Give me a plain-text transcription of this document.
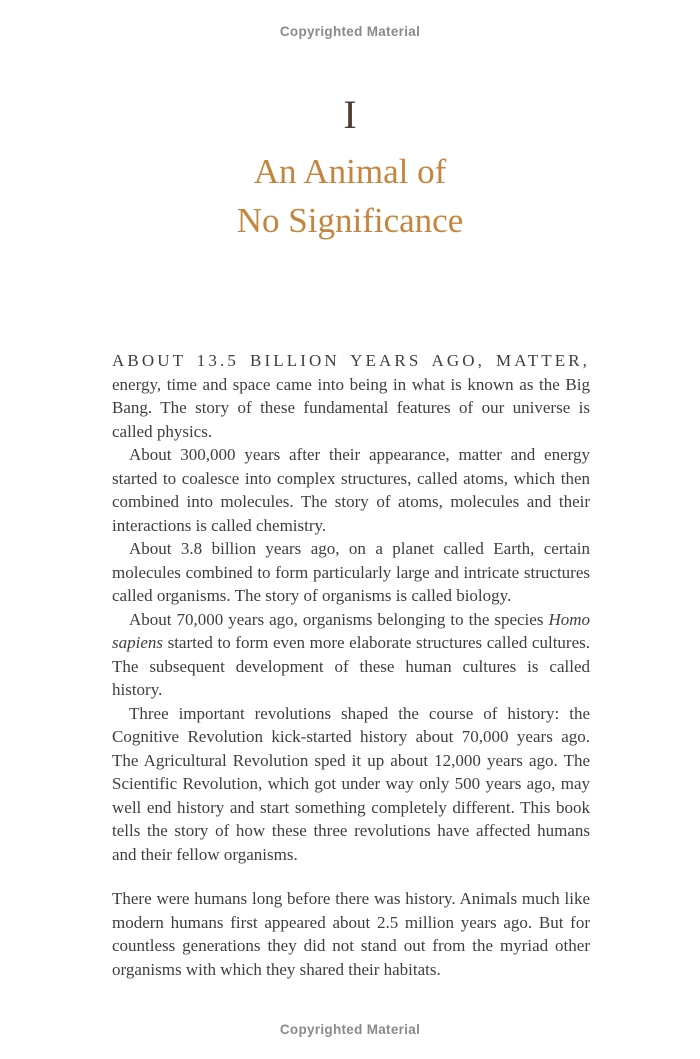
Copyrighted Material
I
An Animal of
No Significance

ABOUT 13.5 BILLION YEARS AGO, MATTER, energy, time and space came into being in what is known as the Big Bang. The story of these fundamental features of our universe is called physics.

About 300,000 years after their appearance, matter and energy started to coalesce into complex structures, called atoms, which then combined into molecules. The story of atoms, molecules and their interactions is called chemistry.

About 3.8 billion years ago, on a planet called Earth, certain molecules combined to form particularly large and intricate structures called organisms. The story of organisms is called biology.

About 70,000 years ago, organisms belonging to the species Homo sapiens started to form even more elaborate structures called cultures. The subsequent development of these human cultures is called history.

Three important revolutions shaped the course of history: the Cognitive Revolution kick-started history about 70,000 years ago. The Agricultural Revolution sped it up about 12,000 years ago. The Scientific Revolution, which got under way only 500 years ago, may well end history and start something completely different. This book tells the story of how these three revolutions have affected humans and their fellow organisms.

There were humans long before there was history. Animals much like modern humans first appeared about 2.5 million years ago. But for countless generations they did not stand out from the myriad other organisms with which they shared their habitats.

Copyrighted Material
